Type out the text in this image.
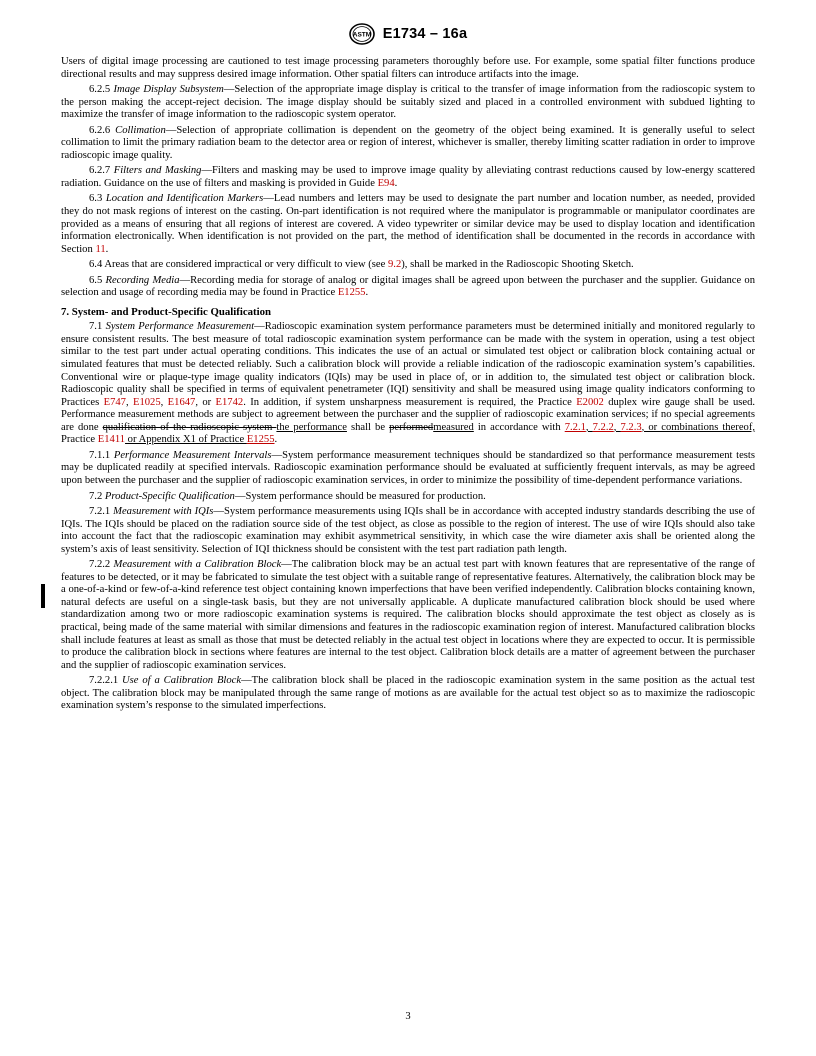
ASTM E1734 – 16a

Users of digital image processing are cautioned to test image processing parameters thoroughly before use. For example, some spatial filter functions produce directional results and may suppress desired image information. Other spatial filters can introduce artifacts into the image.

6.2.5 Image Display Subsystem—Selection of the appropriate image display is critical to the transfer of image information from the radioscopic system to the person making the accept-reject decision. The image display should be suitably sized and placed in a controlled environment with subdued lighting to maximize the transfer of image information to the radioscopic system operator.

6.2.6 Collimation—Selection of appropriate collimation is dependent on the geometry of the object being examined. It is generally useful to select collimation to limit the primary radiation beam to the detector area or region of interest, whichever is smaller, thereby limiting scatter radiation in order to improve radioscopic image quality.

6.2.7 Filters and Masking—Filters and masking may be used to improve image quality by alleviating contrast reductions caused by low-energy scattered radiation. Guidance on the use of filters and masking is provided in Guide E94.

6.3 Location and Identification Markers—Lead numbers and letters may be used to designate the part number and location number, as needed, provided they do not mask regions of interest on the casting. On-part identification is not required where the manipulator is programmable or manipulator coordinates are provided as a means of ensuring that all regions of interest are covered. A video typewriter or similar device may be used to display location and identification information electronically. When identification is not provided on the part, the method of identification shall be documented in the records in accordance with Section 11.

6.4 Areas that are considered impractical or very difficult to view (see 9.2), shall be marked in the Radioscopic Shooting Sketch.

6.5 Recording Media—Recording media for storage of analog or digital images shall be agreed upon between the purchaser and the supplier. Guidance on selection and usage of recording media may be found in Practice E1255.

7. System- and Product-Specific Qualification

7.1 System Performance Measurement—Radioscopic examination system performance parameters must be determined initially and monitored regularly to ensure consistent results. The best measure of total radioscopic examination system performance can be made with the system in operation, using a test object similar to the test part under actual operating conditions. This indicates the use of an actual or simulated test object or calibration block containing actual or simulated features that must be detected reliably. Such a calibration block will provide a reliable indication of the radioscopic examination system’s capabilities. Conventional wire or plaque-type image quality indicators (IQIs) may be used in place of, or in addition to, the simulated test object or calibration block. Radioscopic quality shall be specified in terms of equivalent penetrameter (IQI) sensitivity and shall be measured using image quality indicators conforming to Practices E747, E1025, E1647, or E1742. In addition, if system unsharpness measurement is required, the Practice E2002 duplex wire gauge shall be used. Performance measurement methods are subject to agreement between the purchaser and the supplier of radioscopic examination services; if no special agreements are done qualification of the radioscopic system the performance shall be performedmeasured in accordance with 7.2.1, 7.2.2, 7.2.3, or combinations thereof, Practice E1411 or Appendix X1 of Practice E1255.

7.1.1 Performance Measurement Intervals—System performance measurement techniques should be standardized so that performance measurement tests may be duplicated readily at specified intervals. Radioscopic examination performance should be evaluated at sufficiently frequent intervals, as may be agreed upon between the purchaser and the supplier of radioscopic examination services, in order to minimize the possibility of time-dependent performance variations.

7.2 Product-Specific Qualification—System performance should be measured for production.

7.2.1 Measurement with IQIs—System performance measurements using IQIs shall be in accordance with accepted industry standards describing the use of IQIs. The IQIs should be placed on the radiation source side of the test object, as close as possible to the region of interest. The use of wire IQIs should also take into account the fact that the radioscopic examination may exhibit asymmetrical sensitivity, in which case the wire diameter axis shall be oriented along the system’s axis of least sensitivity. Selection of IQI thickness should be consistent with the test part radiation path length.

7.2.2 Measurement with a Calibration Block—The calibration block may be an actual test part with known features that are representative of the range of features to be detected, or it may be fabricated to simulate the test object with a suitable range of representative features. Alternatively, the calibration block may be a one-of-a-kind or few-of-a-kind reference test object containing known imperfections that have been verified independently. Calibration blocks containing known, natural defects are useful on a single-task basis, but they are not universally applicable. A duplicate manufactured calibration block should be used where standardization among two or more radioscopic examination systems is required. The calibration blocks should approximate the test object as closely as is practical, being made of the same material with similar dimensions and features in the radioscopic examination region of interest. Manufactured calibration blocks shall include features at least as small as those that must be detected reliably in the actual test object in locations where they are expected to occur. It is permissible to produce the calibration block in sections where features are internal to the test object. Calibration block details are a matter of agreement between the purchaser and the supplier of radioscopic examination services.

7.2.2.1 Use of a Calibration Block—The calibration block shall be placed in the radioscopic examination system in the same position as the actual test object. The calibration block may be manipulated through the same range of motions as are available for the actual test object so as to maximize the radioscopic examination system’s response to the simulated imperfections.

3
